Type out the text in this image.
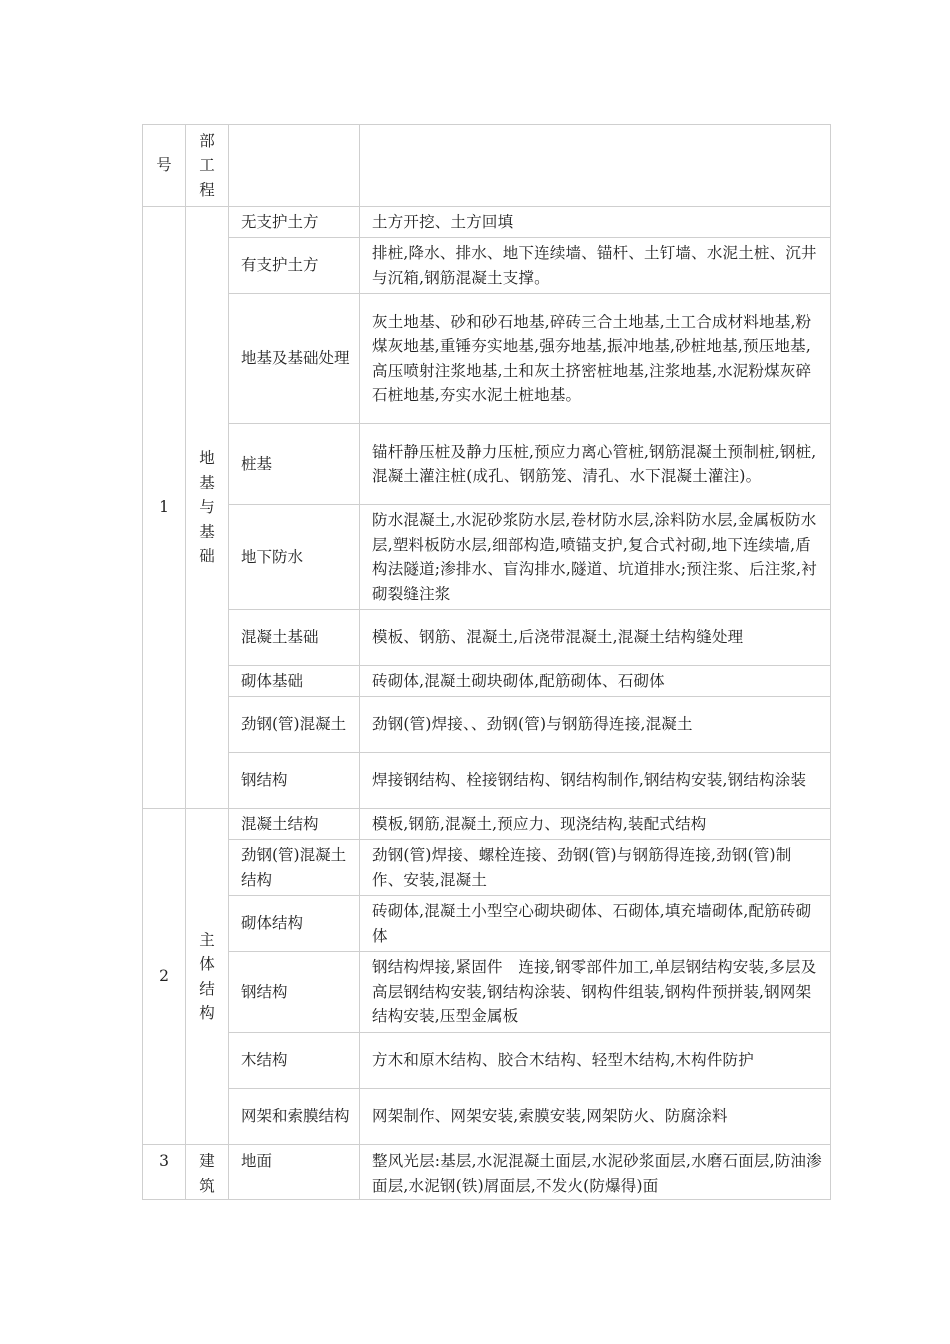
号	部工程		
1	地基与基础	无支护土方	土方开挖、土方回填

		有支护土方	排桩,降水、排水、地下连续墙、锚杆、土钉墙、水泥土桩、沉井与沉箱,钢筋混凝土支撑。

		地基及基础处理	灰土地基、砂和砂石地基,碎砖三合土地基,土工合成材料地基,粉煤灰地基,重锤夯实地基,强夯地基,振冲地基,砂桩地基,预压地基,高压喷射注浆地基,土和灰土挤密桩地基,注浆地基,水泥粉煤灰碎石桩地基,夯实水泥土桩地基。

		桩基	锚杆静压桩及静力压桩,预应力离心管桩,钢筋混凝土预制桩,钢桩,混凝土灌注桩(成孔、钢筋笼、清孔、水下混凝土灌注)。

		地下防水	防水混凝土,水泥砂浆防水层,卷材防水层,涂料防水层,金属板防水层,塑料板防水层,细部构造,喷锚支护,复合式衬砌,地下连续墙,盾构法隧道;渗排水、盲沟排水,隧道、坑道排水;预注浆、后注浆,衬砌裂缝注浆

		混凝土基础	模板、钢筋、混凝土,后浇带混凝土,混凝土结构缝处理

		砌体基础	砖砌体,混凝土砌块砌体,配筋砌体、石砌体

		劲钢(管)混凝土	劲钢(管)焊接、、劲钢(管)与钢筋得连接,混凝土

		钢结构	焊接钢结构、栓接钢结构、钢结构制作,钢结构安装,钢结构涂装

2	主体结构	混凝土结构	模板,钢筋,混凝土,预应力、现浇结构,装配式结构

		劲钢(管)混凝土结构	劲钢(管)焊接、螺栓连接、劲钢(管)与钢筋得连接,劲钢(管)制作、安装,混凝土

		砌体结构	砖砌体,混凝土小型空心砌块砌体、石砌体,填充墙砌体,配筋砖砌体

		钢结构	钢结构焊接,紧固件　连接,钢零部件加工,单层钢结构安装,多层及高层钢结构安装,钢结构涂装、钢构件组装,钢构件预拼装,钢网架结构安装,压型金属板

		木结构	方木和原木结构、胶合木结构、轻型木结构,木构件防护

		网架和索膜结构	网架制作、网架安装,索膜安装,网架防火、防腐涂料

3	建筑	地面	整风光层:基层,水泥混凝土面层,水泥砂浆面层,水磨石面层,防油渗面层,水泥钢(铁)屑面层,不发火(防爆得)面
